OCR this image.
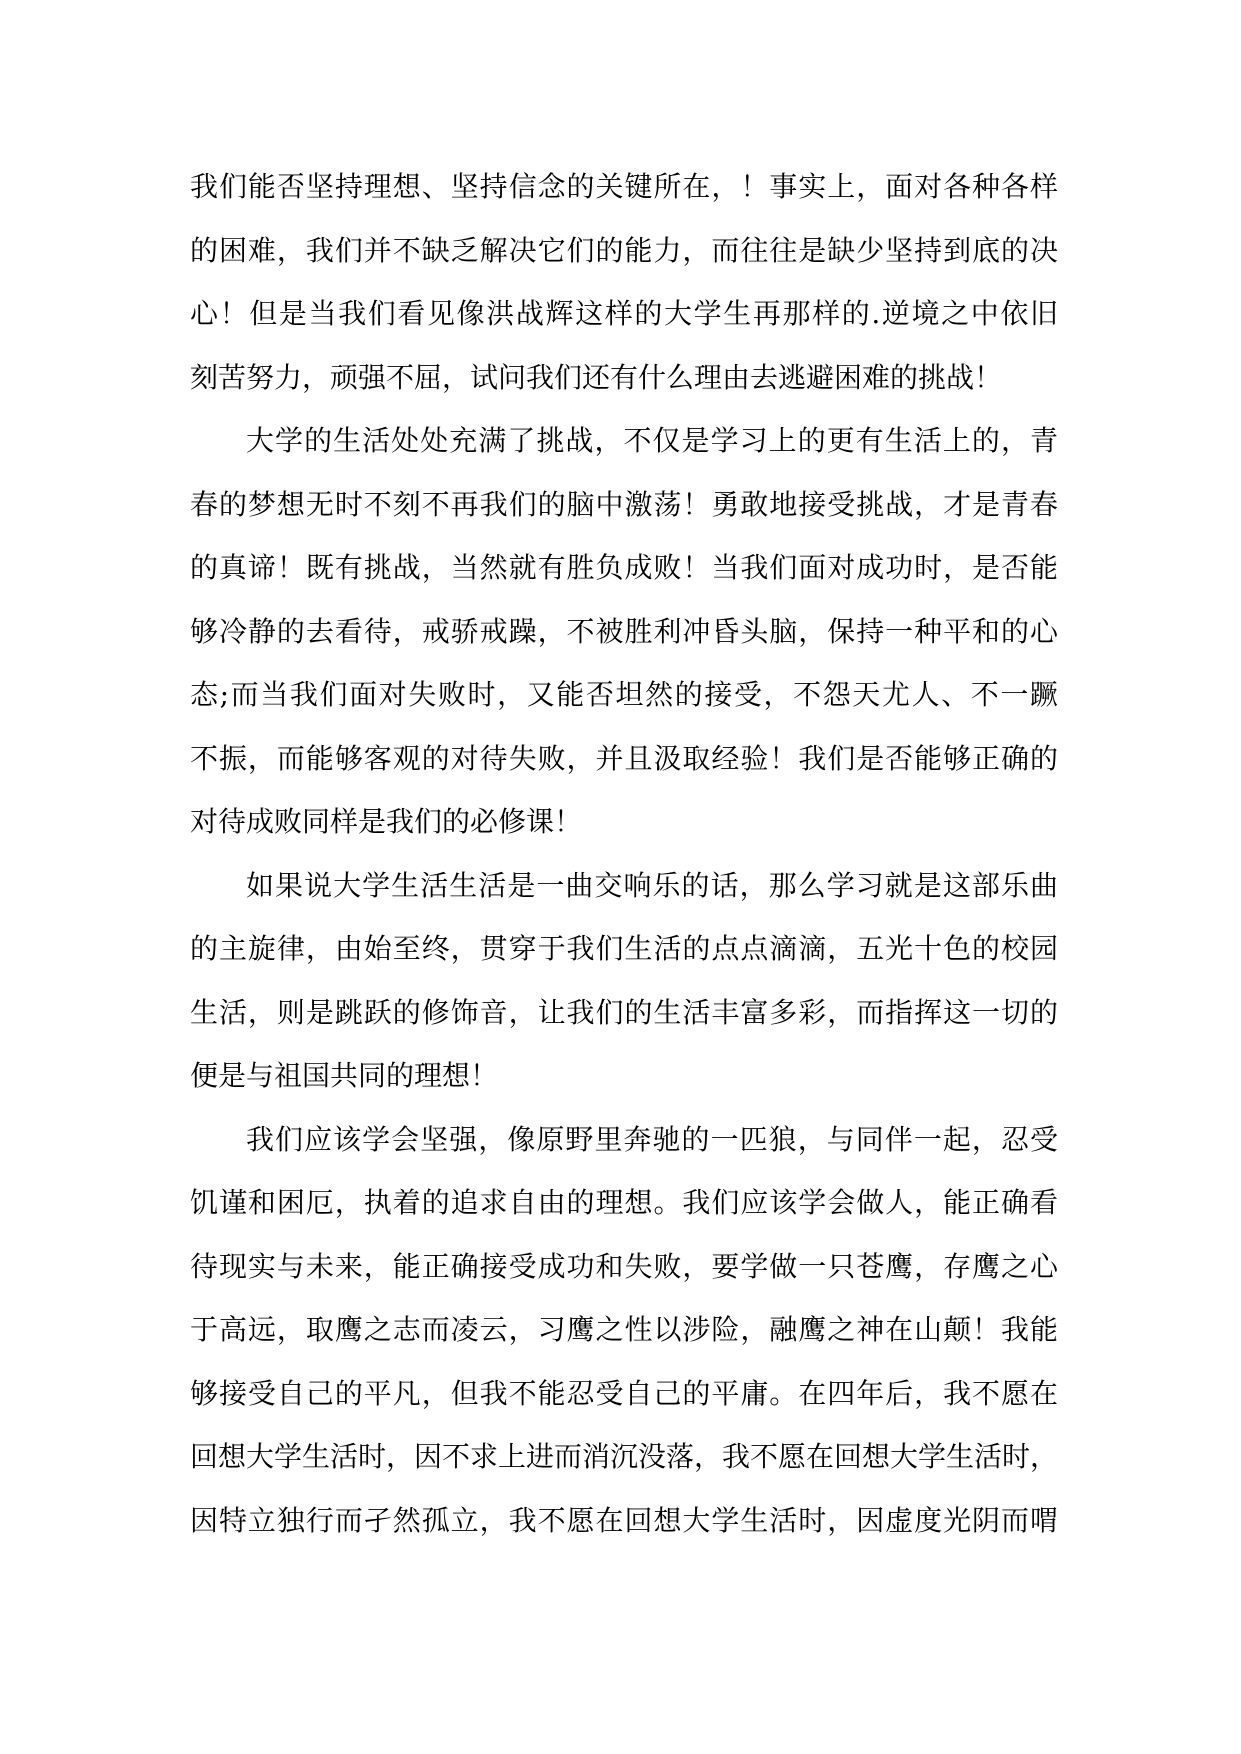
我们能否坚持理想、坚持信念的关键所在，！事实上，面对各种各样
的困难，我们并不缺乏解决它们的能力，而往往是缺少坚持到底的决
心！但是当我们看见像洪战辉这样的大学生再那样的.逆境之中依旧
刻苦努力，顽强不屈，试问我们还有什么理由去逃避困难的挑战！
大学的生活处处充满了挑战，不仅是学习上的更有生活上的，青
春的梦想无时不刻不再我们的脑中激荡！勇敢地接受挑战，才是青春
的真谛！既有挑战，当然就有胜负成败！当我们面对成功时，是否能
够冷静的去看待，戒骄戒躁，不被胜利冲昏头脑，保持一种平和的心
态;而当我们面对失败时，又能否坦然的接受，不怨天尤人、不一蹶
不振，而能够客观的对待失败，并且汲取经验！我们是否能够正确的
对待成败同样是我们的必修课！
如果说大学生活生活是一曲交响乐的话，那么学习就是这部乐曲
的主旋律，由始至终，贯穿于我们生活的点点滴滴，五光十色的校园
生活，则是跳跃的修饰音，让我们的生活丰富多彩，而指挥这一切的
便是与祖国共同的理想！
我们应该学会坚强，像原野里奔驰的一匹狼，与同伴一起，忍受
饥谨和困厄，执着的追求自由的理想。我们应该学会做人，能正确看
待现实与未来，能正确接受成功和失败，要学做一只苍鹰，存鹰之心
于高远，取鹰之志而凌云，习鹰之性以涉险，融鹰之神在山颠！我能
够接受自己的平凡，但我不能忍受自己的平庸。在四年后，我不愿在
回想大学生活时，因不求上进而消沉没落，我不愿在回想大学生活时，
因特立独行而孑然孤立，我不愿在回想大学生活时，因虚度光阴而喟
